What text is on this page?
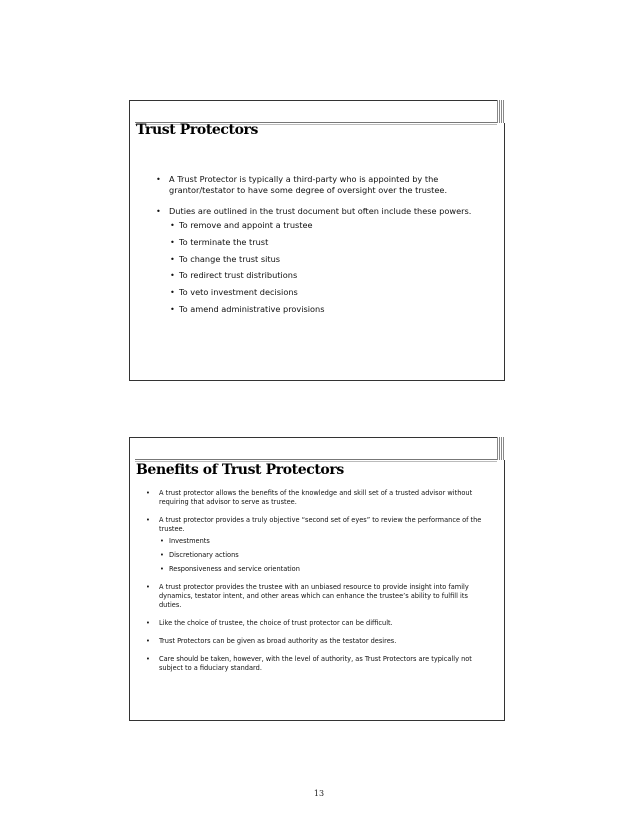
Trust Protectors
• A Trust Protector is typically a third-party who is appointed by the grantor/testator to have some degree of oversight over the trustee.
• Duties are outlined in the trust document but often include these powers.
• To remove and appoint a trustee
• To terminate the trust
• To change the trust situs
• To redirect trust distributions
• To veto investment decisions
• To amend administrative provisions
Benefits of Trust Protectors
• A trust protector allows the benefits of the knowledge and skill set of a trusted advisor without requiring that advisor to serve as trustee.
• A trust protector provides a truly objective “second set of eyes” to review the performance of the trustee.
• Investments
• Discretionary actions
• Responsiveness and service orientation
• A trust protector provides the trustee with an unbiased resource to provide insight into family dynamics, testator intent, and other areas which can enhance the trustee’s ability to fulfill its duties.
• Like the choice of trustee, the choice of trust protector can be difficult.
• Trust Protectors can be given as broad authority as the testator desires.
• Care should be taken, however, with the level of authority, as Trust Protectors are typically not subject to a fiduciary standard.
13
